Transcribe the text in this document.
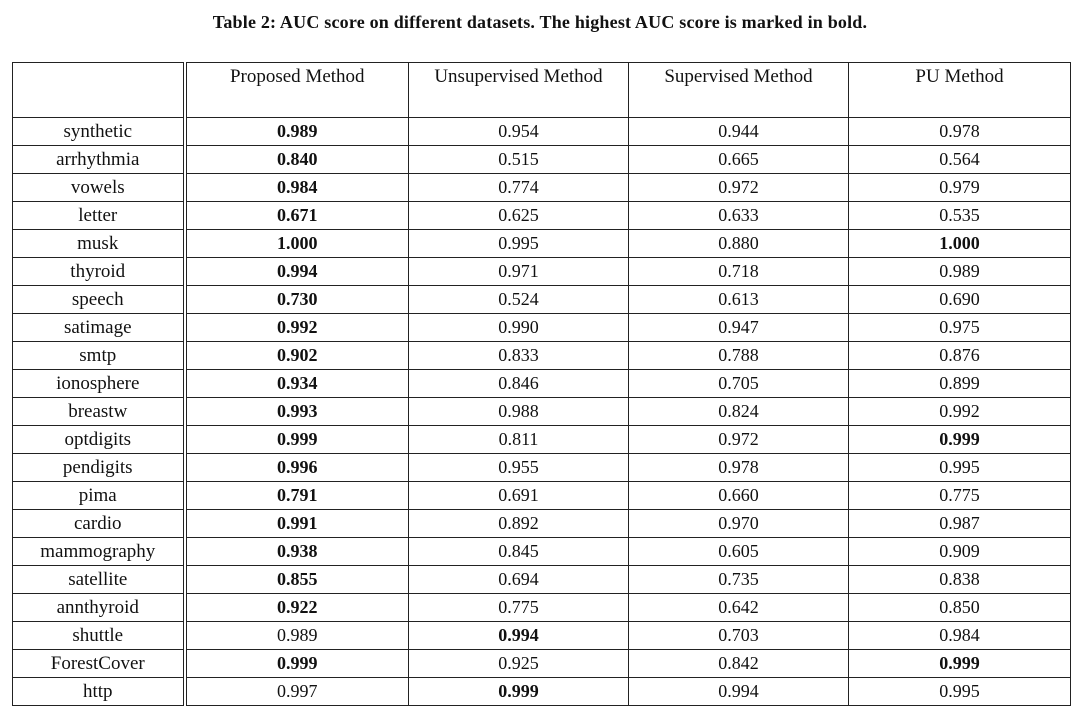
Table 2: AUC score on different datasets. The highest AUC score is marked in bold.
	Proposed Method	Unsupervised Method	Supervised Method	PU Method
synthetic	0.989	0.954	0.944	0.978
arrhythmia	0.840	0.515	0.665	0.564
vowels	0.984	0.774	0.972	0.979
letter	0.671	0.625	0.633	0.535
musk	1.000	0.995	0.880	1.000
thyroid	0.994	0.971	0.718	0.989
speech	0.730	0.524	0.613	0.690
satimage	0.992	0.990	0.947	0.975
smtp	0.902	0.833	0.788	0.876
ionosphere	0.934	0.846	0.705	0.899
breastw	0.993	0.988	0.824	0.992
optdigits	0.999	0.811	0.972	0.999
pendigits	0.996	0.955	0.978	0.995
pima	0.791	0.691	0.660	0.775
cardio	0.991	0.892	0.970	0.987
mammography	0.938	0.845	0.605	0.909
satellite	0.855	0.694	0.735	0.838
annthyroid	0.922	0.775	0.642	0.850
shuttle	0.989	0.994	0.703	0.984
ForestCover	0.999	0.925	0.842	0.999
http	0.997	0.999	0.994	0.995
